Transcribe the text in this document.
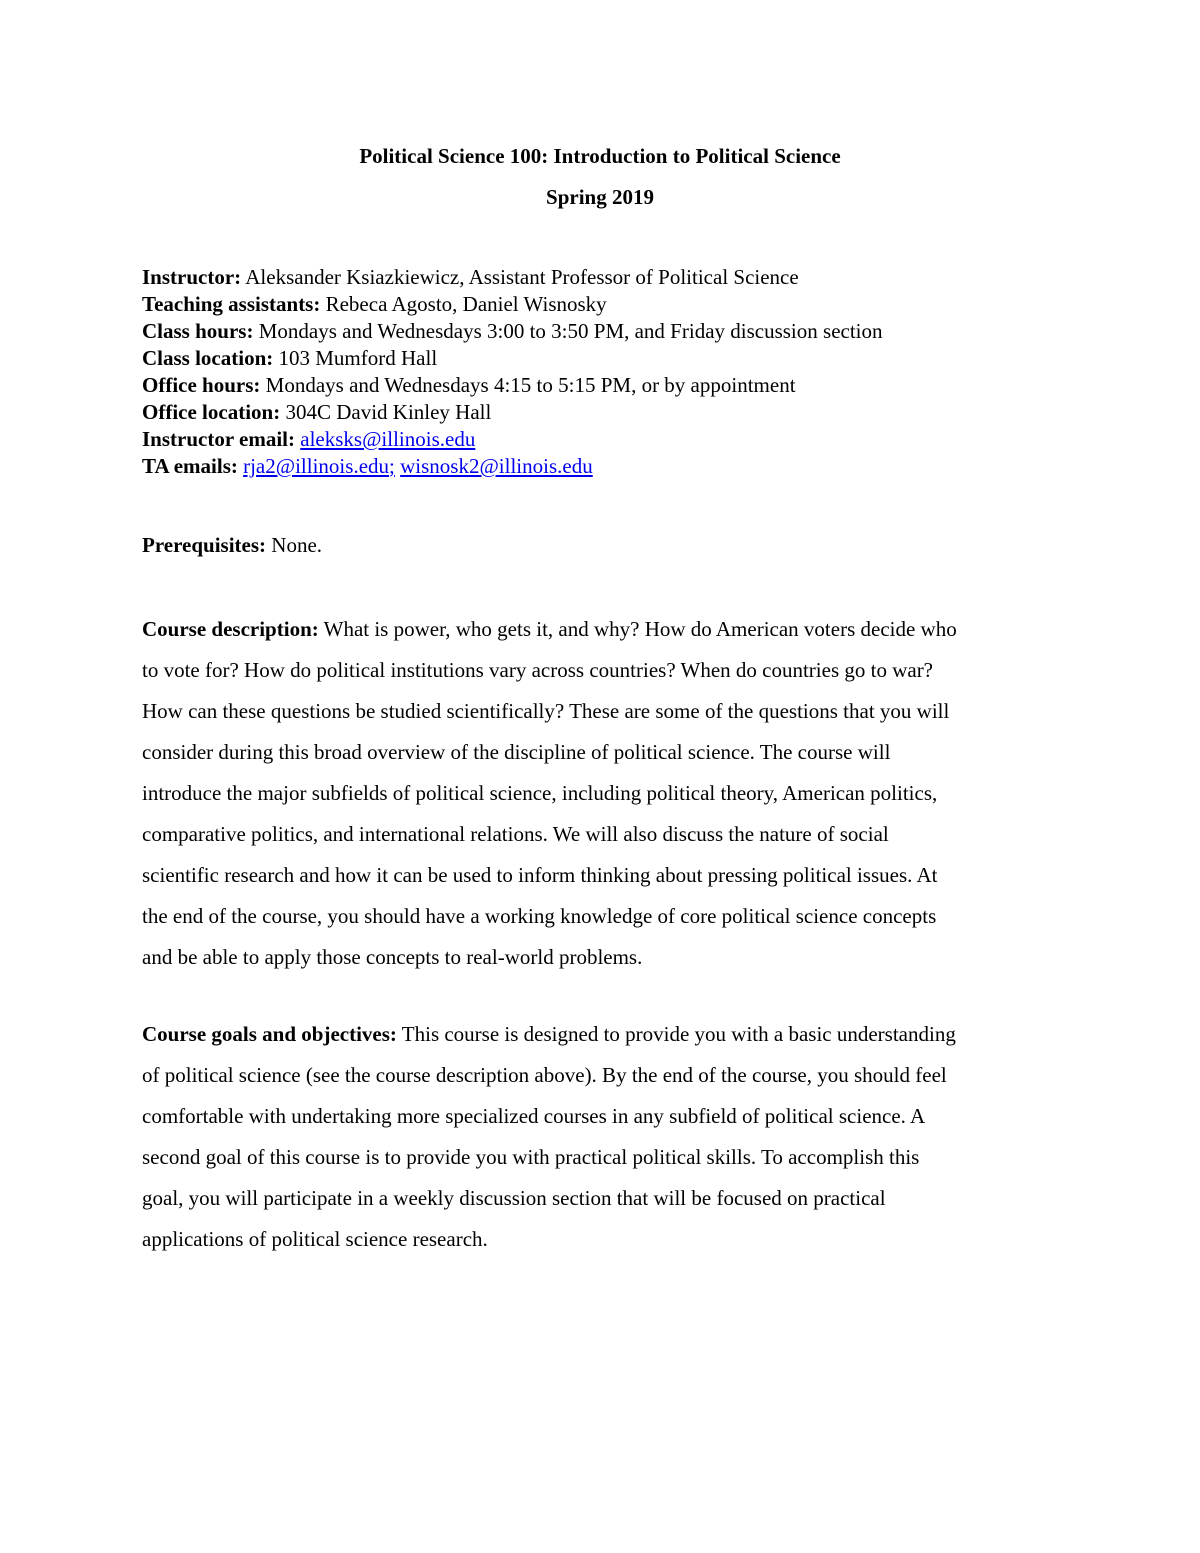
Political Science 100: Introduction to Political Science
Spring 2019
Instructor: Aleksander Ksiazkiewicz, Assistant Professor of Political Science
Teaching assistants: Rebeca Agosto, Daniel Wisnosky
Class hours: Mondays and Wednesdays 3:00 to 3:50 PM, and Friday discussion section
Class location: 103 Mumford Hall
Office hours: Mondays and Wednesdays 4:15 to 5:15 PM, or by appointment
Office location: 304C David Kinley Hall
Instructor email: aleksks@illinois.edu
TA emails: rja2@illinois.edu; wisnosk2@illinois.edu
Prerequisites: None.
Course description: What is power, who gets it, and why? How do American voters decide who
to vote for? How do political institutions vary across countries? When do countries go to war?
How can these questions be studied scientifically? These are some of the questions that you will
consider during this broad overview of the discipline of political science. The course will
introduce the major subfields of political science, including political theory, American politics,
comparative politics, and international relations. We will also discuss the nature of social
scientific research and how it can be used to inform thinking about pressing political issues. At
the end of the course, you should have a working knowledge of core political science concepts
and be able to apply those concepts to real-world problems.
Course goals and objectives: This course is designed to provide you with a basic understanding
of political science (see the course description above). By the end of the course, you should feel
comfortable with undertaking more specialized courses in any subfield of political science. A
second goal of this course is to provide you with practical political skills. To accomplish this
goal, you will participate in a weekly discussion section that will be focused on practical
applications of political science research.
